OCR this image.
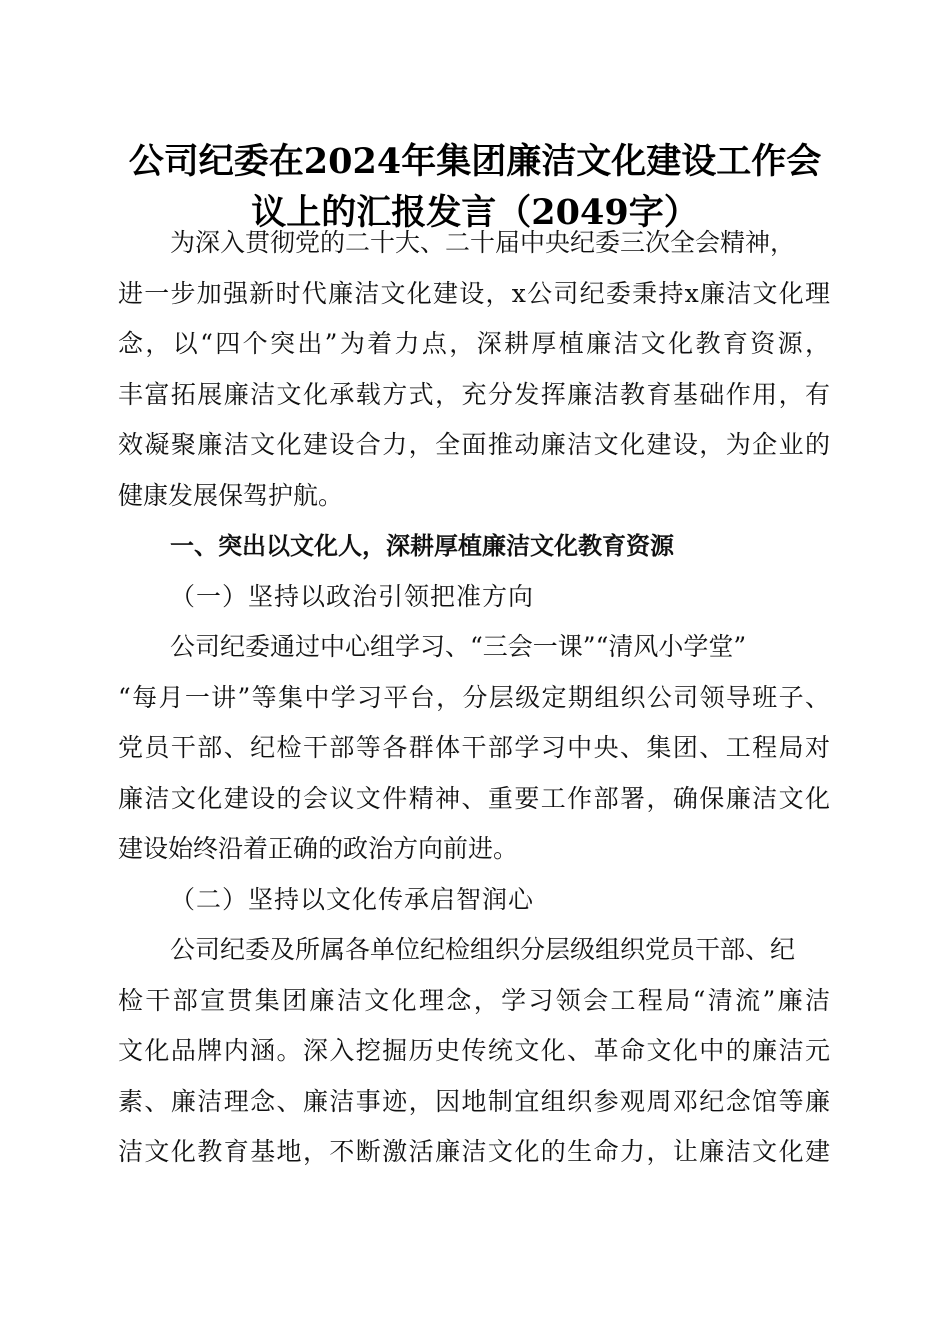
公司纪委在2024年集团廉洁文化建设工作会
议上的汇报发言（2049字）
为深入贯彻党的二十大、二十届中央纪委三次全会精神，
进一步加强新时代廉洁文化建设，x公司纪委秉持x廉洁文化理
念，以“四个突出”为着力点，深耕厚植廉洁文化教育资源，
丰富拓展廉洁文化承载方式，充分发挥廉洁教育基础作用，有
效凝聚廉洁文化建设合力，全面推动廉洁文化建设，为企业的
健康发展保驾护航。
一、突出以文化人，深耕厚植廉洁文化教育资源
（一）坚持以政治引领把准方向
公司纪委通过中心组学习、“三会一课”“清风小学堂”
“每月一讲”等集中学习平台，分层级定期组织公司领导班子、
党员干部、纪检干部等各群体干部学习中央、集团、工程局对
廉洁文化建设的会议文件精神、重要工作部署，确保廉洁文化
建设始终沿着正确的政治方向前进。
（二）坚持以文化传承启智润心
公司纪委及所属各单位纪检组织分层级组织党员干部、纪
检干部宣贯集团廉洁文化理念，学习领会工程局“清流”廉洁
文化品牌内涵。深入挖掘历史传统文化、革命文化中的廉洁元
素、廉洁理念、廉洁事迹，因地制宜组织参观周邓纪念馆等廉
洁文化教育基地，不断激活廉洁文化的生命力，让廉洁文化建
